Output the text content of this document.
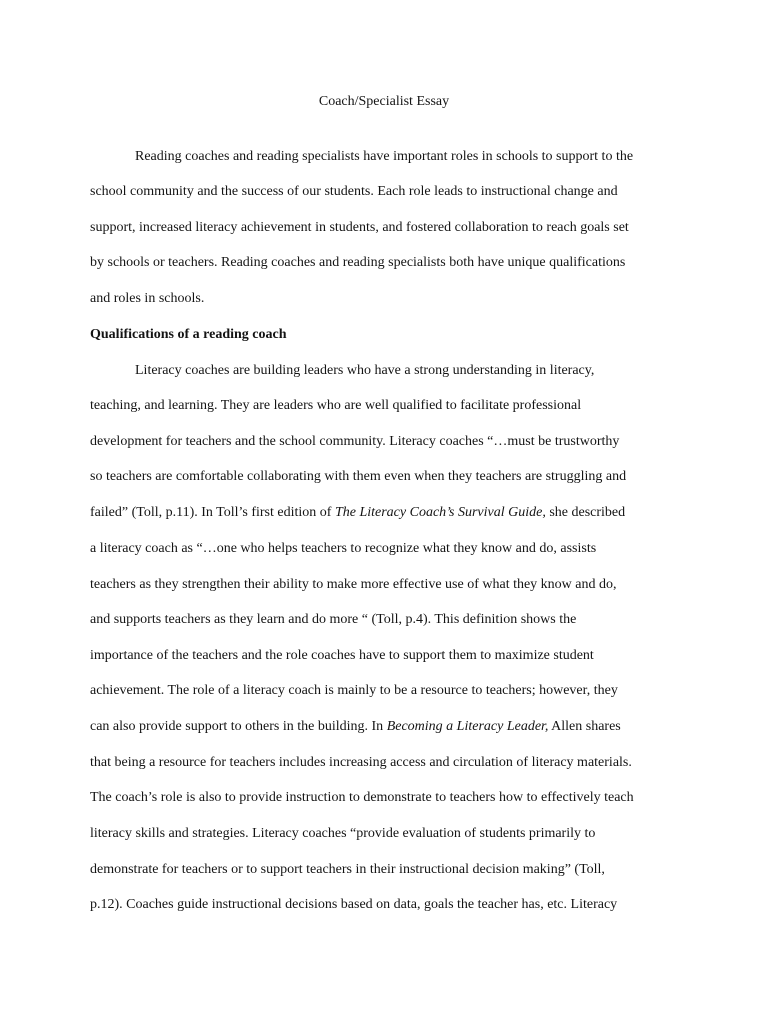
Coach/Specialist Essay
Reading coaches and reading specialists have important roles in schools to support to the
school community and the success of our students. Each role leads to instructional change and
support, increased literacy achievement in students, and fostered collaboration to reach goals set
by schools or teachers. Reading coaches and reading specialists both have unique qualifications
and roles in schools.
Qualifications of a reading coach
Literacy coaches are building leaders who have a strong understanding in literacy,
teaching, and learning. They are leaders who are well qualified to facilitate professional
development for teachers and the school community. Literacy coaches “…must be trustworthy
so teachers are comfortable collaborating with them even when they teachers are struggling and
failed” (Toll, p.11). In Toll’s first edition of The Literacy Coach’s Survival Guide, she described
a literacy coach as “…one who helps teachers to recognize what they know and do, assists
teachers as they strengthen their ability to make more effective use of what they know and do,
and supports teachers as they learn and do more “ (Toll, p.4). This definition shows the
importance of the teachers and the role coaches have to support them to maximize student
achievement. The role of a literacy coach is mainly to be a resource to teachers; however, they
can also provide support to others in the building. In Becoming a Literacy Leader, Allen shares
that being a resource for teachers includes increasing access and circulation of literacy materials.
The coach’s role is also to provide instruction to demonstrate to teachers how to effectively teach
literacy skills and strategies. Literacy coaches “provide evaluation of students primarily to
demonstrate for teachers or to support teachers in their instructional decision making” (Toll,
p.12). Coaches guide instructional decisions based on data, goals the teacher has, etc. Literacy
